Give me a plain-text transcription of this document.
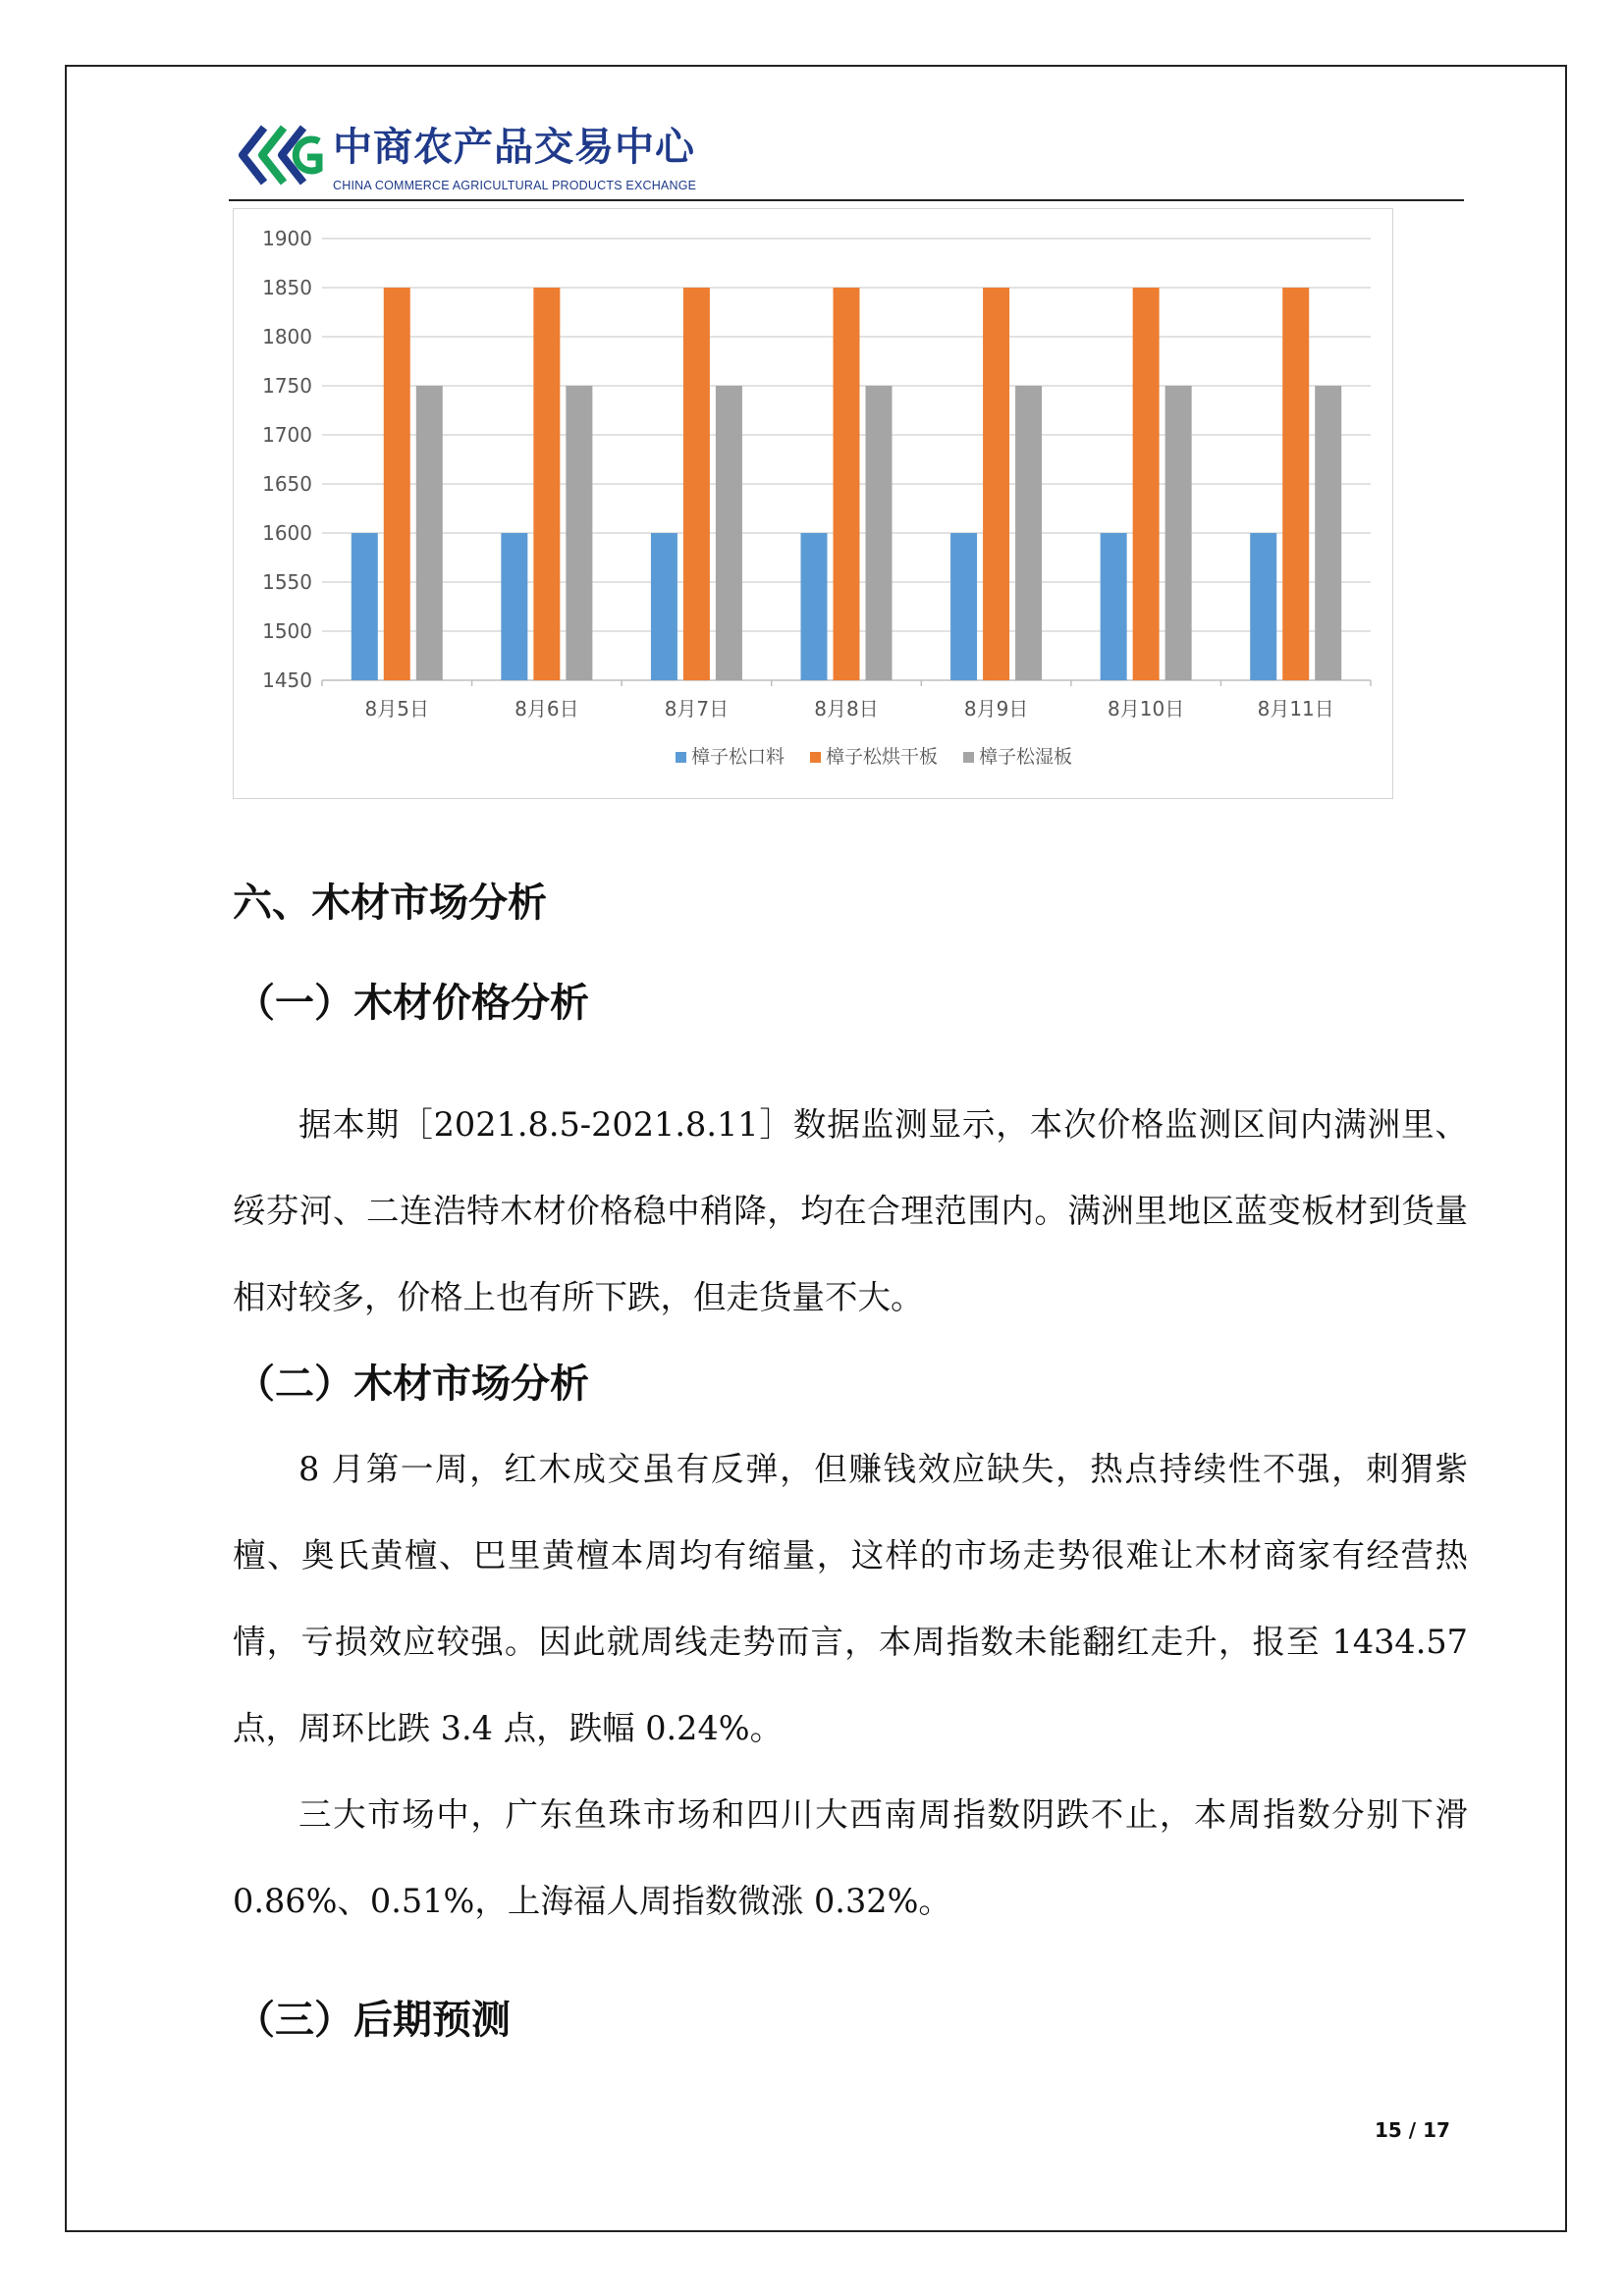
中商农产品交易中心
CHINA COMMERCE AGRICULTURAL PRODUCTS EXCHANGE
1900
1850
1800
1750
1700
1650
1600
1550
1500
1450
8月5日	8月6日	8月7日	8月8日	8月9日	8月10日	8月11日
樟子松口料 樟子松烘干板 樟子松湿板
六、木材市场分析
（一）木材价格分析

据本期［2021.8.5-2021.8.11］数据监测显示，本次价格监测区间内满洲里、绥芬河、二连浩特木材价格稳中稍降，均在合理范围内。满洲里地区蓝变板材到货量相对较多，价格上也有所下跌，但走货量不大。

（二）木材市场分析

8 月第一周，红木成交虽有反弹，但赚钱效应缺失，热点持续性不强，刺猬紫檀、奥氏黄檀、巴里黄檀本周均有缩量，这样的市场走势很难让木材商家有经营热情，亏损效应较强。因此就周线走势而言，本周指数未能翻红走升，报至 1434.57 点，周环比跌 3.4 点，跌幅 0.24%。

三大市场中，广东鱼珠市场和四川大西南周指数阴跌不止，本周指数分别下滑 0.86%、0.51%，上海福人周指数微涨 0.32%。

（三）后期预测
15 / 17
